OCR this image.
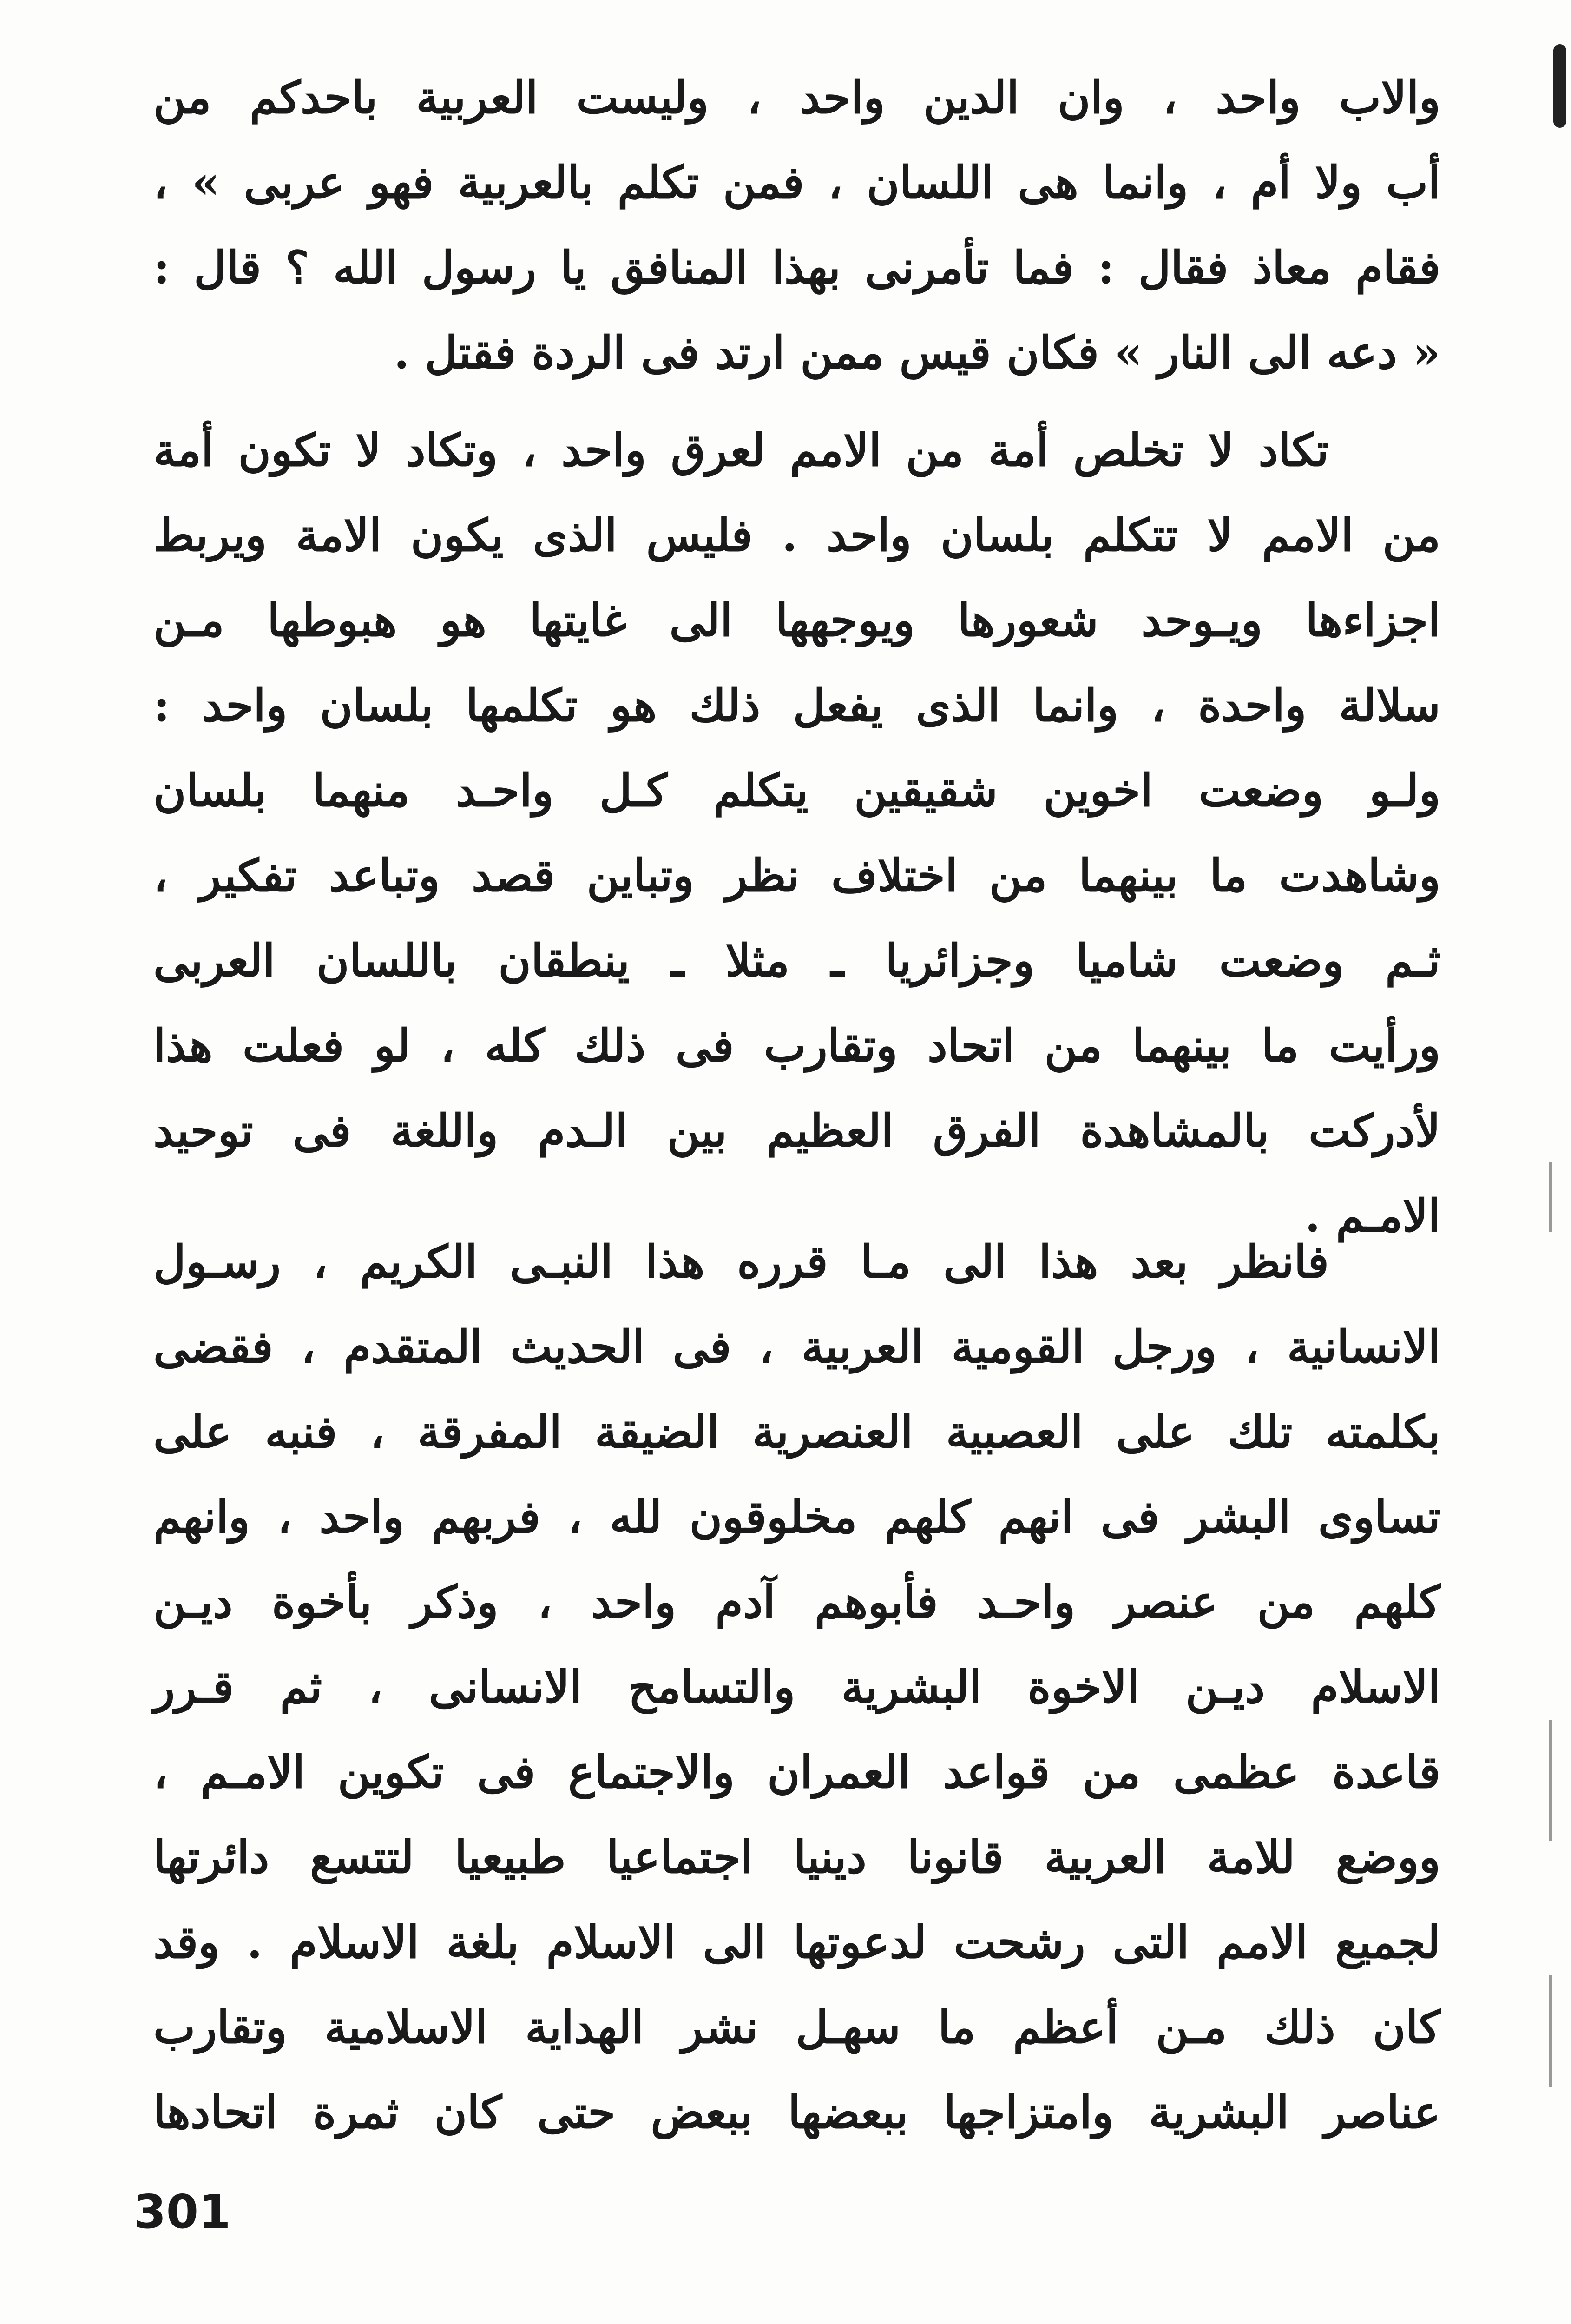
والاب واحد ، وان الدين واحد ، وليست العربية باحدكم من
أب ولا أم ، وانما هى اللسان ، فمن تكلم بالعربية فهو عربى » ،
فقام معاذ فقال : فما تأمرنى بهذا المنافق يا رسول الله ؟ قال :
« دعه الى النار » فكان قيس ممن ارتد فى الردة فقتل .
تكاد لا تخلص أمة من الامم لعرق واحد ، وتكاد لا تكون أمة
من الامم لا تتكلم بلسان واحد . فليس الذى يكون الامة ويربط
اجزاءها ويـوحد شعورها ويوجهها الى غايتها هو هبوطها مـن
سلالة واحدة ، وانما الذى يفعل ذلك هو تكلمها بلسان واحد :
ولـو وضعت اخوين شقيقين يتكلم كـل واحـد منهما بلسان
وشاهدت ما بينهما من اختلاف نظر وتباين قصد وتباعد تفكير ،
ثـم وضعت شاميا وجزائريا ـ مثلا ـ ينطقان باللسان العربى
ورأيت ما بينهما من اتحاد وتقارب فى ذلك كله ، لو فعلت هذا
لأدركت بالمشاهدة الفرق العظيم بين الـدم واللغة فى توحيد
الامـم .
فانظر بعد هذا الى مـا قرره هذا النبـى الكريم ، رسـول
الانسانية ، ورجل القومية العربية ، فى الحديث المتقدم ، فقضى
بكلمته تلك على العصبية العنصرية الضيقة المفرقة ، فنبه على
تساوى البشر فى انهم كلهم مخلوقون لله ، فربهم واحد ، وانهم
كلهم من عنصر واحـد فأبوهم آدم واحد ، وذكر بأخوة ديـن
الاسلام ديـن الاخوة البشرية والتسامح الانسانى ، ثم قـرر
قاعدة عظمى من قواعد العمران والاجتماع فى تكوين الامـم ،
ووضع للامة العربية قانونا دينيا اجتماعيا طبيعيا لتتسع دائرتها
لجميع الامم التى رشحت لدعوتها الى الاسلام بلغة الاسلام . وقد
كان ذلك مـن أعظم ما سهـل نشر الهداية الاسلامية وتقارب
عناصر البشرية وامتزاجها ببعضها ببعض حتى كان ثمرة اتحادها
301
